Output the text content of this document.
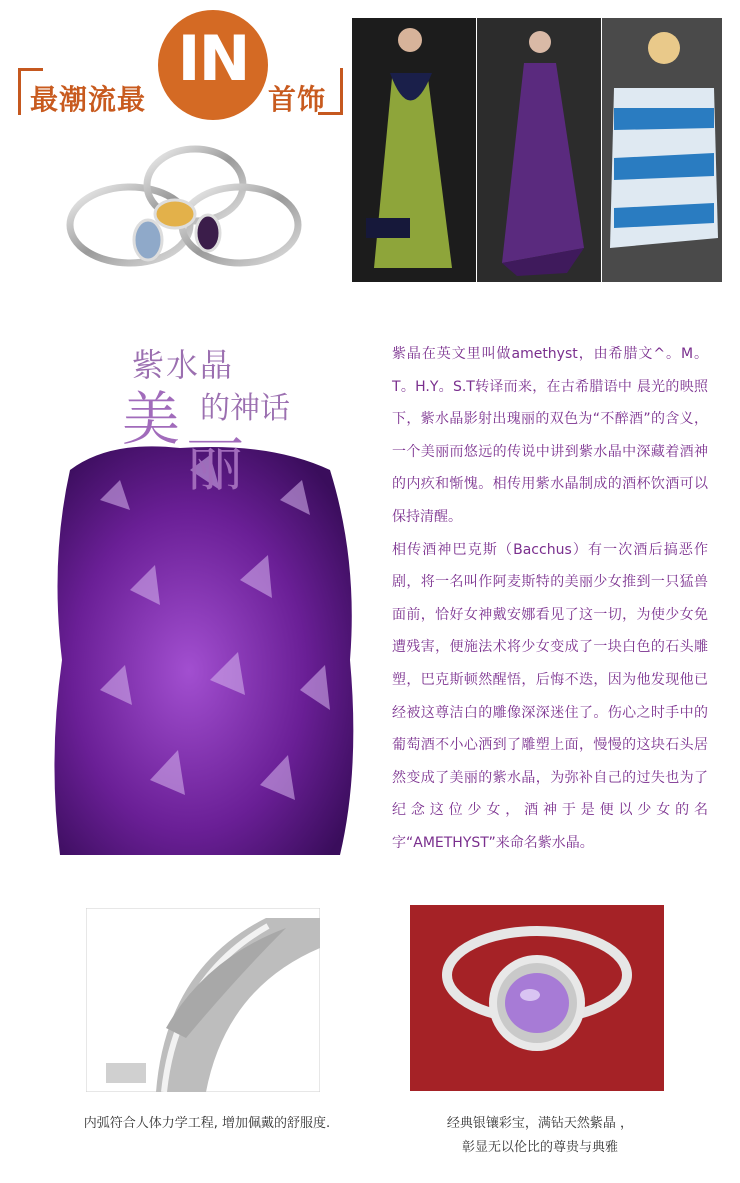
最潮流最
IN
首饰
紫水晶
美 的神话
丽

紫晶在英文里叫做amethyst，由希腊文^。M。T。H.Y。S.T转译而来，在古希腊语中 晨光的映照下，紫水晶影射出瑰丽的双色为“不醉酒”的含义，一个美丽而悠远的传说中讲到紫水晶中深藏着酒神的内疚和惭愧。相传用紫水晶制成的酒杯饮酒可以保持清醒。

相传酒神巴克斯（Bacchus）有一次酒后搞恶作剧，将一名叫作阿麦斯特的美丽少女推到一只猛兽面前，恰好女神戴安娜看见了这一切，为使少女免遭残害，便施法术将少女变成了一块白色的石头雕塑，巴克斯顿然醒悟，后悔不迭，因为他发现他已经被这尊洁白的雕像深深迷住了。伤心之时手中的葡萄酒不小心洒到了雕塑上面，慢慢的这块石头居然变成了美丽的紫水晶，为弥补自己的过失也为了纪念这位少女，酒神于是便以少女的名字“AMETHYST”来命名紫水晶。

内弧符合人体力学工程, 增加佩戴的舒服度.	经典银镶彩宝，满钻天然紫晶 ，
彰显无以伦比的尊贵与典雅
